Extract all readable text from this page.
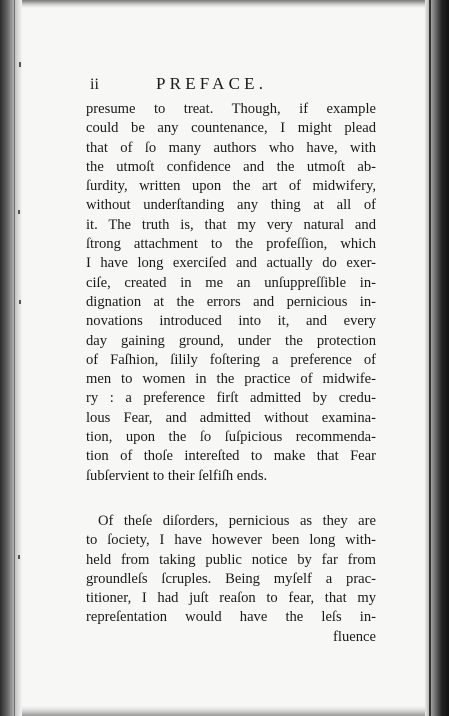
ii	PREFACE.
presume to treat. Though, if example
could be any countenance, I might plead
that of ſo many authors who have, with
the utmoſt confidence and the utmoſt ab-
ſurdity, written upon the art of midwifery,
without underſtanding any thing at all of
it. The truth is, that my very natural and
ſtrong attachment to the profeſſion, which
I have long exerciſed and actually do exer-
ciſe, created in me an unſuppreſſible in-
dignation at the errors and pernicious in-
novations introduced into it, and every
day gaining ground, under the protection
of Faſhion, ſilily foſtering a preference of
men to women in the practice of midwife-
ry : a preference firſt admitted by credu-
lous Fear, and admitted without examina-
tion, upon the ſo ſuſpicious recommenda-
tion of thoſe intereſted to make that Fear
ſubſervient to their ſelfiſh ends.
Of theſe diſorders, pernicious as they are
to ſociety, I have however been long with-
held from taking public notice by far from
groundleſs ſcruples. Being myſelf a prac-
titioner, I had juſt reaſon to fear, that my
repreſentation would have the leſs in-
fluence
